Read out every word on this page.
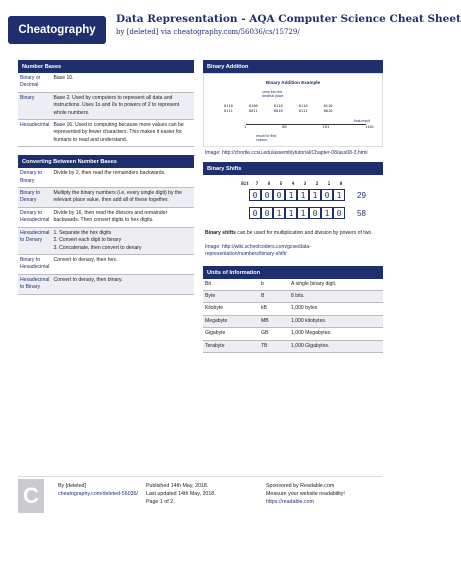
Cheatography
Data Representation - AQA Computer Science Cheat Sheet
by [deleted] via cheatography.com/56036/cs/15729/
Number Bases
Binary or Decimal	Base 10.
Binary	Base 2. Used by computers to represent all data and instructions. Uses 1s and 0s to powers of 2 to represent whole numbers.
Hexadecimal	Base 16. Used in computing because more values can be represented by fewer characters. This makes it easier for humans to read and understand.
Converting Between Number Bases
Denary to Binary	Divide by 2, then read the remainders backwards.
Binary to Denary	Multiply the binary numbers (i.e. every single digit) by the relevant place value, then add all of these together.
Denary to Hexadecimal	Divide by 16, then read the divisors and remainder backwards. Then convert digits to hex digits.
Hexadecimal to Denary	1. Separate the hex digits
2. Convert each digit to binary
3. Concatenate, then convert to denary
Binary to Hexadecimal	Convert to denary, then hex.
Hexadecimal to Binary	Convert to denary, then binary.
Binary Addition
Binary Addition Example
carry into the decimal place
0110	0100	0110	0110	0110
0111	0011	0010	0111	0010
1	00	101	1101
result for first column
final result
Image: http://chortle.ccsu.edu/assemblytutorial/Chapter-08/ass08-3.html
Binary Shifts
Bit	7	6	5	4	3	2	1	0
0 0 0 1 1 1 0 1	29
0 0 1 1 1 0 1 0	58
Binary shifts can be used for multiplication and division by powers of two.
Image: http://wiki.schoolcoders.com/gcse/data-representation/numbers/binary-shift/
Units of Information
Bit	b	A single binary digit.
Byte	B	8 bits.
Kilobyte	kB	1,000 bytes
Megabyte	MB	1,000 kilobytes.
Gigabyte	GB	1,000 Megabytes.
Terabyte	TB	1,000 Gigabytes.
C	By [deleted]
cheatography.com/deleted-56036/
Published 14th May, 2018.
Last updated 14th May, 2018.
Page 1 of 2.
Sponsored by Readable.com
Measure your website readability!
https://readable.com
